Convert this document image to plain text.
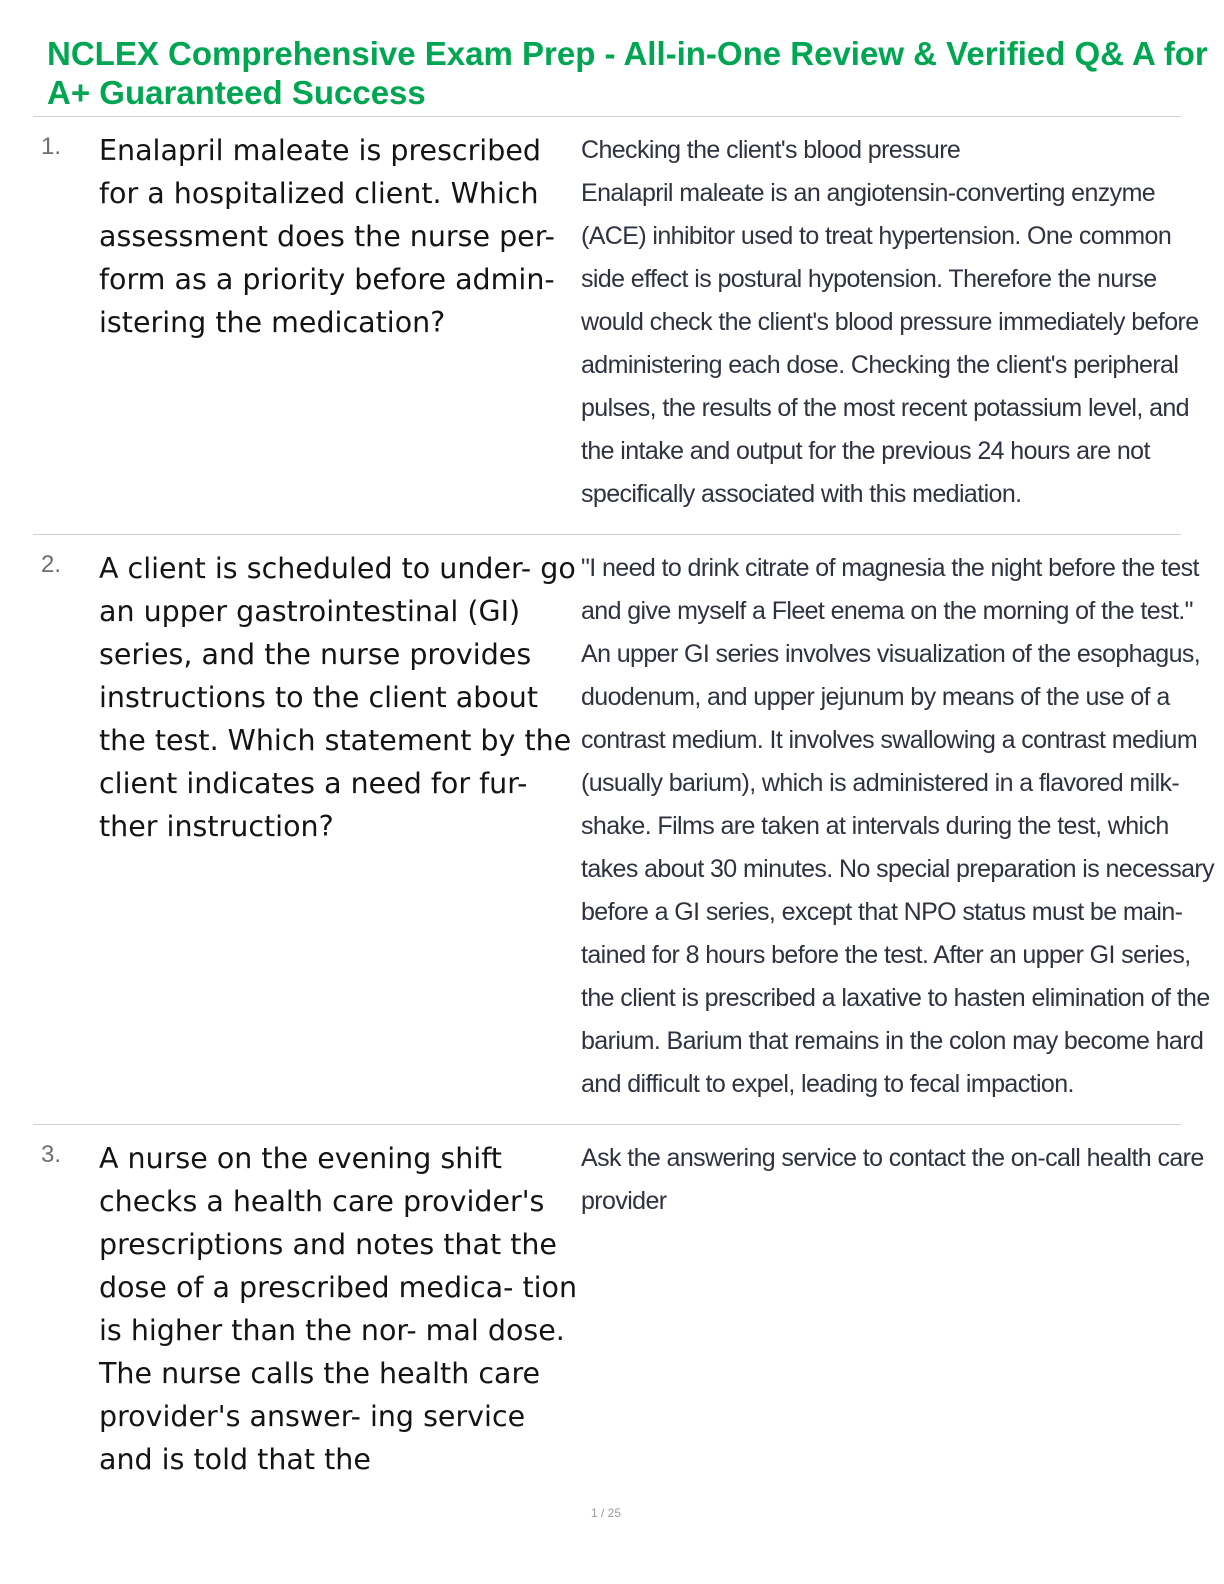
NCLEX Comprehensive Exam Prep - All-in-One Review & Verified Q& A for A+ Guaranteed Success
1. Enalapril maleate is prescribed for a hospitalized client. Which assessment does the nurse per- form as a priority before admin- istering the medication?

Checking the client's blood pressure
Enalapril maleate is an angiotensin-converting enzyme
(ACE) inhibitor used to treat hypertension. One common
side effect is postural hypotension. Therefore the nurse
would check the client's blood pressure immediately before
administering each dose. Checking the client's peripheral
pulses, the results of the most recent potassium level, and
the intake and output for the previous 24 hours are not
specifically associated with this mediation.
2. A client is scheduled to under- go an upper gastrointestinal (GI) series, and the nurse provides instructions to the client about the test. Which statement by the client indicates a need for fur- ther instruction?

"I need to drink citrate of magnesia the night before the test
and give myself a Fleet enema on the morning of the test."
An upper GI series involves visualization of the esophagus,
duodenum, and upper jejunum by means of the use of a
contrast medium. It involves swallowing a contrast medium
(usually barium), which is administered in a flavored milk-
shake. Films are taken at intervals during the test, which
takes about 30 minutes. No special preparation is necessary
before a GI series, except that NPO status must be main-
tained for 8 hours before the test. After an upper GI series,
the client is prescribed a laxative to hasten elimination of the
barium. Barium that remains in the colon may become hard
and difficult to expel, leading to fecal impaction.
3. A nurse on the evening shift checks a health care provider's prescriptions and notes that the dose of a prescribed medica- tion is higher than the nor- mal dose. The nurse calls the health care provider's answer- ing service and is told that the

Ask the answering service to contact the on-call health care
provider
1 / 25
